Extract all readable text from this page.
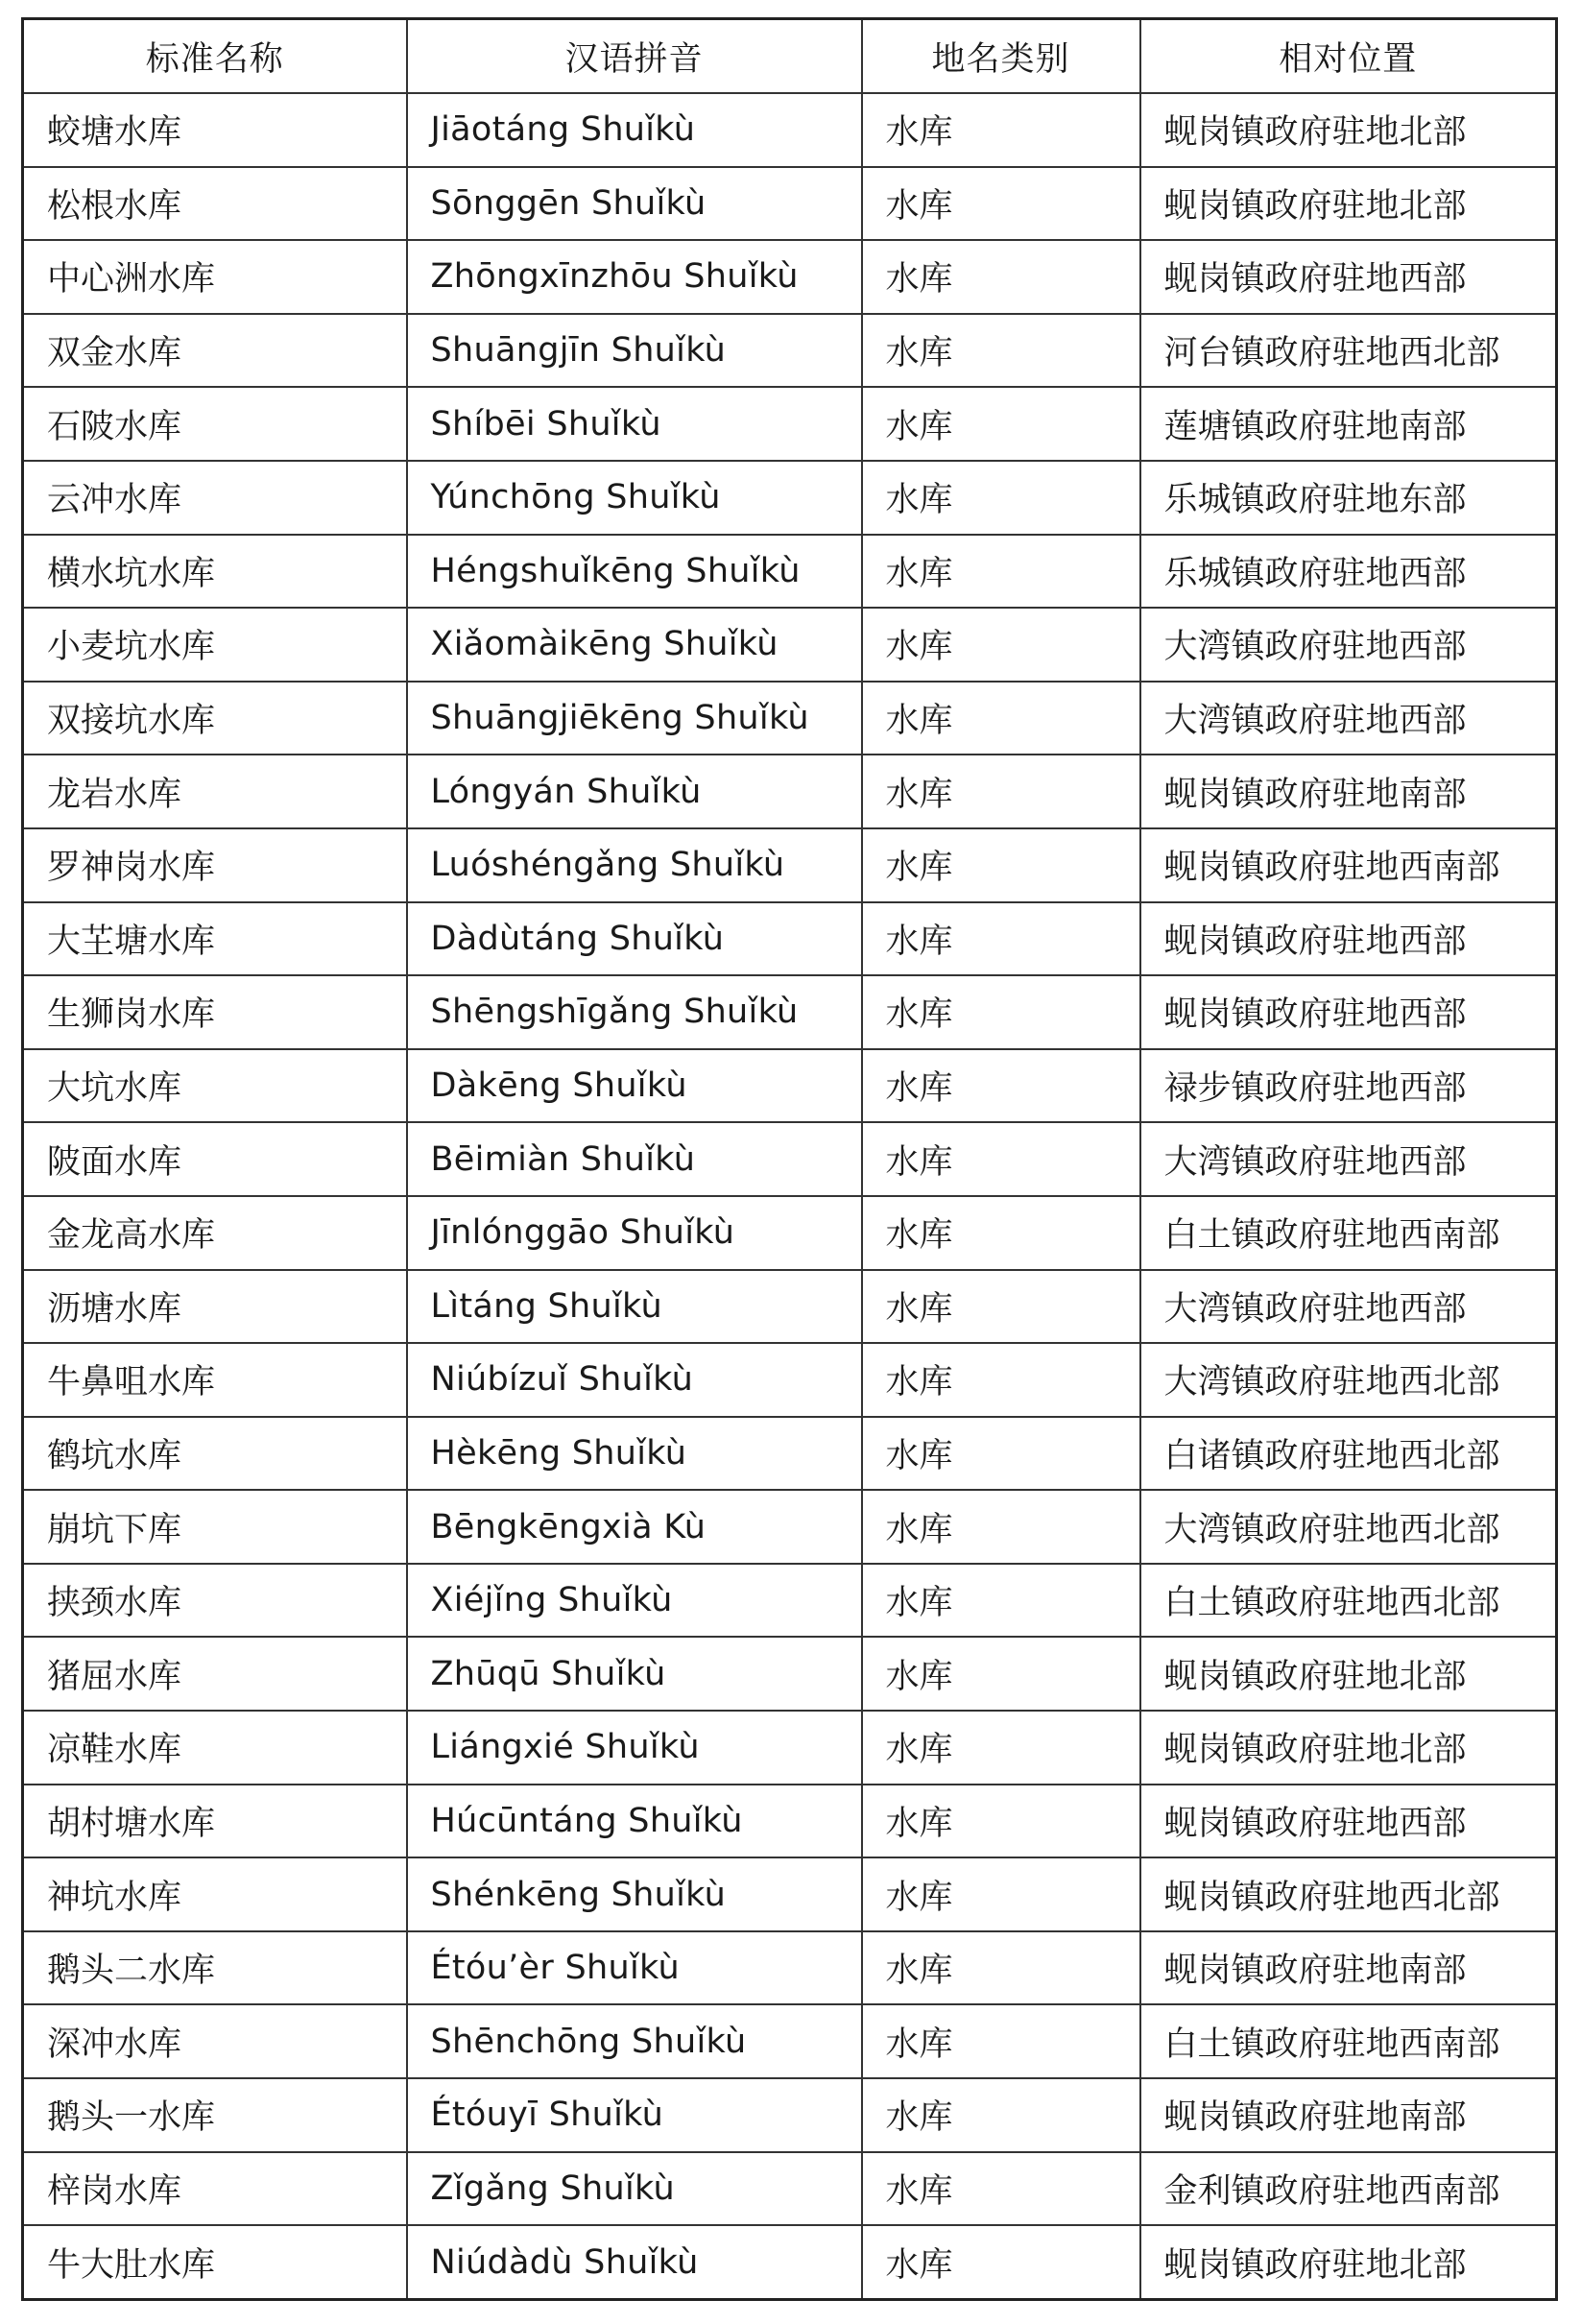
标准名称	汉语拼音	地名类别	相对位置
蛟塘水库	Jiāotáng Shuǐkù	水库	蚬岗镇政府驻地北部
松根水库	Sōnggēn Shuǐkù	水库	蚬岗镇政府驻地北部
中心洲水库	Zhōngxīnzhōu Shuǐkù	水库	蚬岗镇政府驻地西部
双金水库	Shuāngjīn Shuǐkù	水库	河台镇政府驻地西北部
石陂水库	Shíbēi Shuǐkù	水库	莲塘镇政府驻地南部
云冲水库	Yúnchōng Shuǐkù	水库	乐城镇政府驻地东部
横水坑水库	Héngshuǐkēng Shuǐkù	水库	乐城镇政府驻地西部
小麦坑水库	Xiǎomàikēng Shuǐkù	水库	大湾镇政府驻地西部
双接坑水库	Shuāngjiēkēng Shuǐkù	水库	大湾镇政府驻地西部
龙岩水库	Lóngyán Shuǐkù	水库	蚬岗镇政府驻地南部
罗神岗水库	Luóshéngǎng Shuǐkù	水库	蚬岗镇政府驻地西南部
大芏塘水库	Dàdùtáng Shuǐkù	水库	蚬岗镇政府驻地西部
生狮岗水库	Shēngshīgǎng Shuǐkù	水库	蚬岗镇政府驻地西部
大坑水库	Dàkēng Shuǐkù	水库	禄步镇政府驻地西部
陂面水库	Bēimiàn Shuǐkù	水库	大湾镇政府驻地西部
金龙高水库	Jīnlónggāo Shuǐkù	水库	白土镇政府驻地西南部
沥塘水库	Lìtáng Shuǐkù	水库	大湾镇政府驻地西部
牛鼻咀水库	Niúbízuǐ Shuǐkù	水库	大湾镇政府驻地西北部
鹤坑水库	Hèkēng Shuǐkù	水库	白诸镇政府驻地西北部
崩坑下库	Bēngkēngxià Kù	水库	大湾镇政府驻地西北部
挟颈水库	Xiéjǐng Shuǐkù	水库	白土镇政府驻地西北部
猪屈水库	Zhūqū Shuǐkù	水库	蚬岗镇政府驻地北部
凉鞋水库	Liángxié Shuǐkù	水库	蚬岗镇政府驻地北部
胡村塘水库	Húcūntáng Shuǐkù	水库	蚬岗镇政府驻地西部
神坑水库	Shénkēng Shuǐkù	水库	蚬岗镇政府驻地西北部
鹅头二水库	Étóu’èr Shuǐkù	水库	蚬岗镇政府驻地南部
深冲水库	Shēnchōng Shuǐkù	水库	白土镇政府驻地西南部
鹅头一水库	Étóuyī Shuǐkù	水库	蚬岗镇政府驻地南部
梓岗水库	Zǐgǎng Shuǐkù	水库	金利镇政府驻地西南部
牛大肚水库	Niúdàdù Shuǐkù	水库	蚬岗镇政府驻地北部
